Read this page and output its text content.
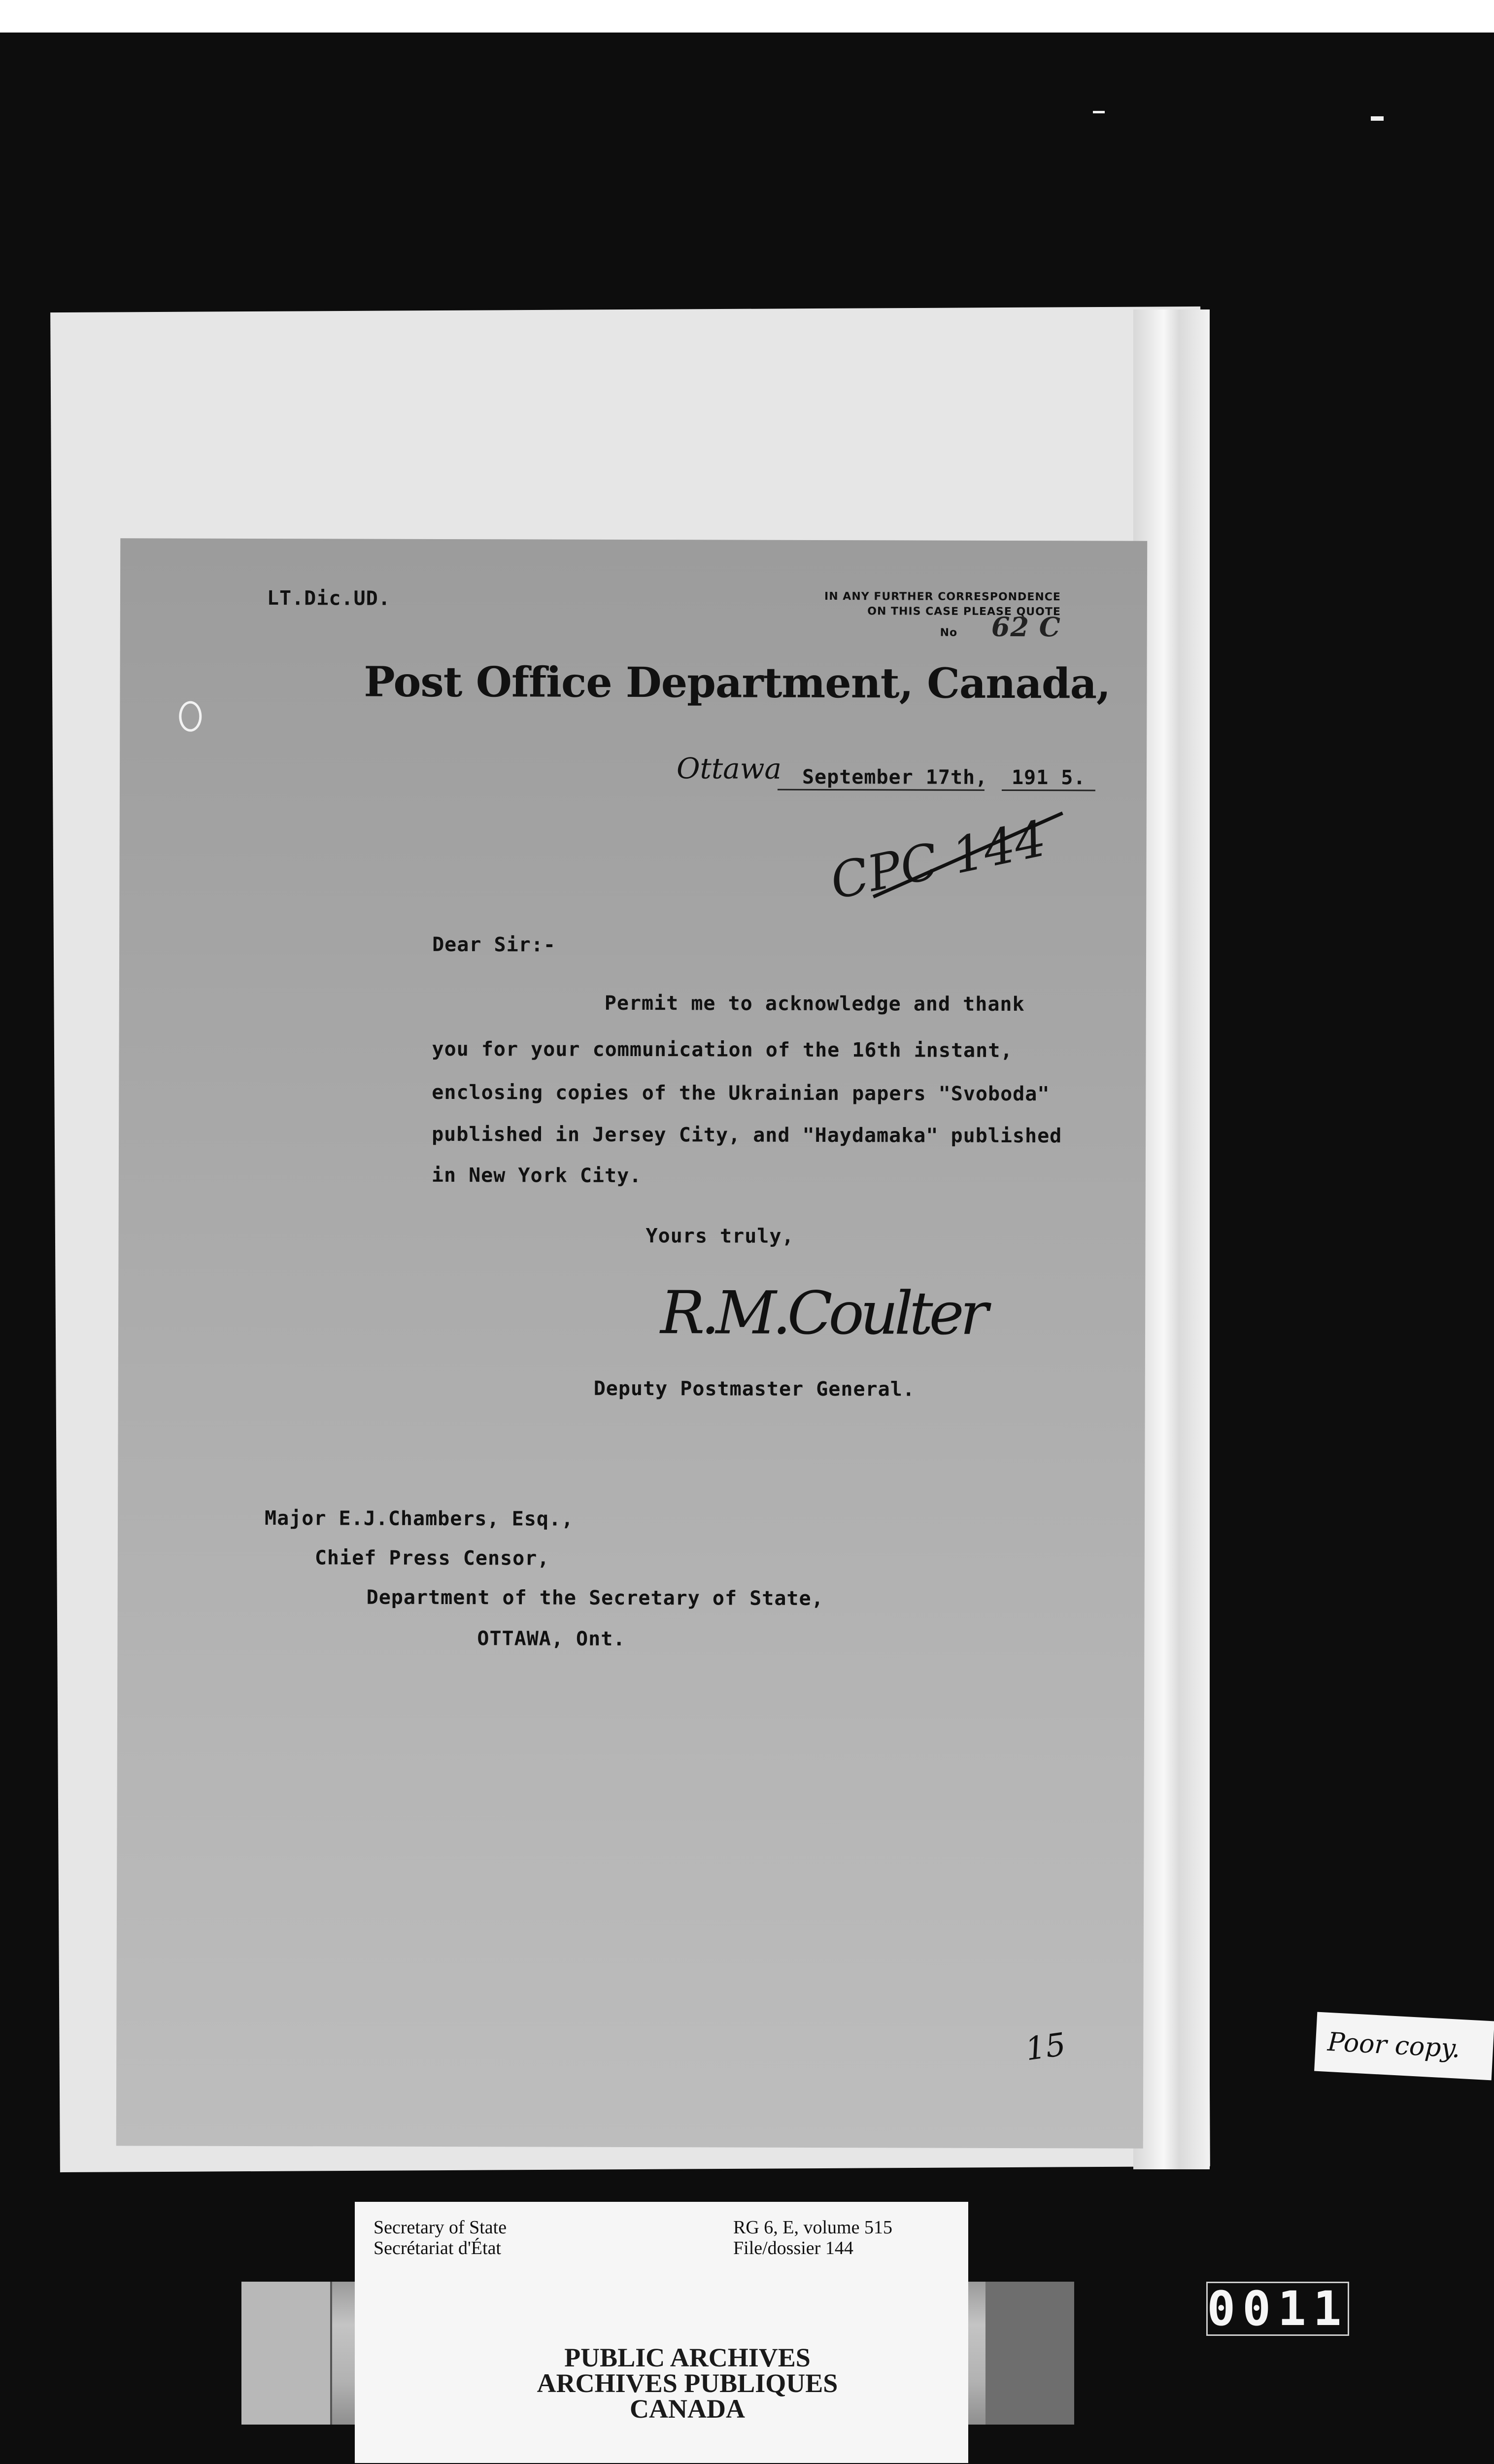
LT.Dic.UD.	IN ANY FURTHER CORRESPONDENCE
ON THIS CASE PLEASE QUOTE
No 62 C
Post Office Department, Canada,
Ottawa September 17th, 191 5.
CPC 144
Dear Sir:-
Permit me to acknowledge and thank
you for your communication of the 16th instant,
enclosing copies of the Ukrainian papers "Svoboda"
published in Jersey City, and "Haydamaka" published
in New York City.
Yours truly,
R.M.Coulter
Deputy Postmaster General.
Major E.J.Chambers, Esq.,
Chief Press Censor,
Department of the Secretary of State,
OTTAWA, Ont.
15	Poor copy.
Secretary of State
Secrétariat d'État
RG 6, E, volume 515
File/dossier 144
PUBLIC ARCHIVES
ARCHIVES PUBLIQUES
CANADA
0011
